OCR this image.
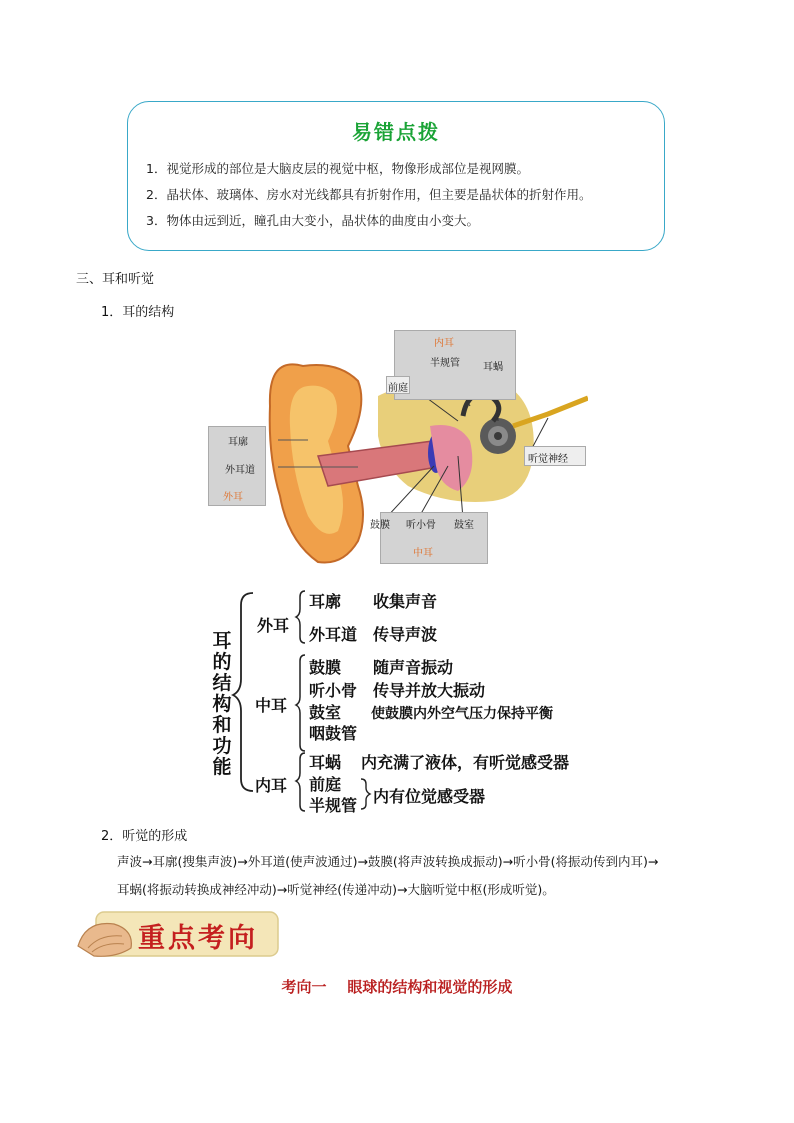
易错点拨
1．视觉形成的部位是大脑皮层的视觉中枢，物像形成部位是视网膜。
2．晶状体、玻璃体、房水对光线都具有折射作用，但主要是晶状体的折射作用。
3．物体由远到近，瞳孔由大变小，晶状体的曲度由小变大。
三、耳和听觉
1．耳的结构
耳廓
外耳道
外耳
内耳
半规管 耳蜗
前庭
听觉神经
鼓膜 听小骨 鼓室
中耳
耳
的
结
构
和
功
能
外耳
耳廓 收集声音
外耳道 传导声波
中耳
鼓膜 随声音振动
听小骨 传导并放大振动
鼓室 使鼓膜内外空气压力保持平衡
咽鼓管
内耳
耳蜗 内充满了液体，有听觉感受器
前庭
半规管 内有位觉感受器
2．听觉的形成
声波→耳廓(搜集声波)→外耳道(使声波通过)→鼓膜(将声波转换成振动)→听小骨(将振动传到内耳)→
耳蜗(将振动转换成神经冲动)→听觉神经(传递冲动)→大脑听觉中枢(形成听觉)。
重点考向
考向一    眼球的结构和视觉的形成
